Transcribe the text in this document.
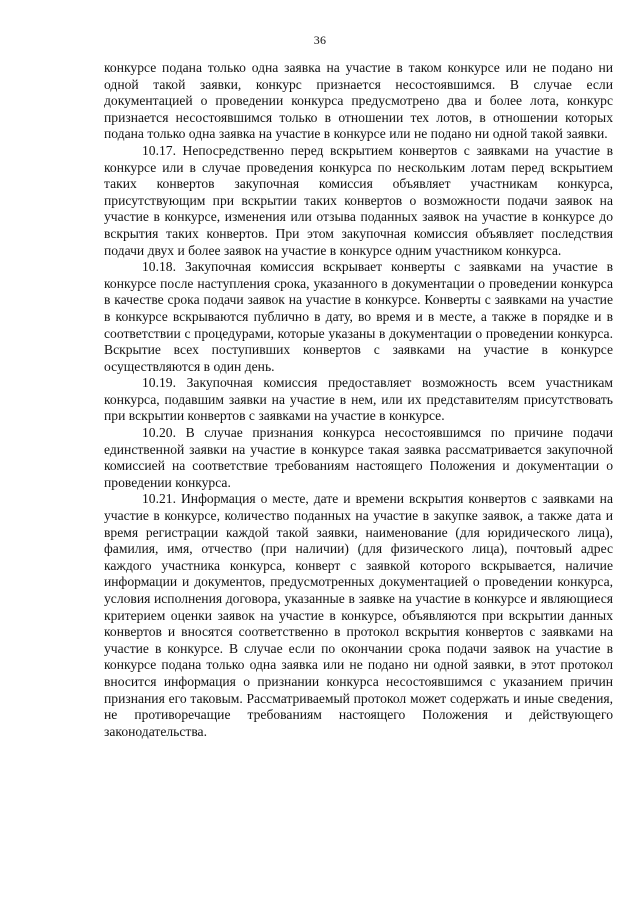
36

конкурсе подана только одна заявка на участие в таком конкурсе или не подано ни одной такой заявки, конкурс признается несостоявшимся. В случае если документацией о проведении конкурса предусмотрено два и более лота, конкурс признается несостоявшимся только в отношении тех лотов, в отношении которых подана только одна заявка на участие в конкурсе или не подано ни одной такой заявки.

10.17. Непосредственно перед вскрытием конвертов с заявками на участие в конкурсе или в случае проведения конкурса по нескольким лотам перед вскрытием таких конвертов закупочная комиссия объявляет участникам конкурса, присутствующим при вскрытии таких конвертов о возможности подачи заявок на участие в конкурсе, изменения или отзыва поданных заявок на участие в конкурсе до вскрытия таких конвертов. При этом закупочная комиссия объявляет последствия подачи двух и более заявок на участие в конкурсе одним участником конкурса.

10.18. Закупочная комиссия вскрывает конверты с заявками на участие в конкурсе после наступления срока, указанного в документации о проведении конкурса в качестве срока подачи заявок на участие в конкурсе. Конверты с заявками на участие в конкурсе вскрываются публично в дату, во время и в месте, а также в порядке и в соответствии с процедурами, которые указаны в документации о проведении конкурса. Вскрытие всех поступивших конвертов с заявками на участие в конкурсе осуществляются в один день.

10.19. Закупочная комиссия предоставляет возможность всем участникам конкурса, подавшим заявки на участие в нем, или их представителям присутствовать при вскрытии конвертов с заявками на участие в конкурсе.

10.20. В случае признания конкурса несостоявшимся по причине подачи единственной заявки на участие в конкурсе такая заявка рассматривается закупочной комиссией на соответствие требованиям настоящего Положения и документации о проведении конкурса.

10.21. Информация о месте, дате и времени вскрытия конвертов с заявками на участие в конкурсе, количество поданных на участие в закупке заявок, а также дата и время регистрации каждой такой заявки, наименование (для юридического лица), фамилия, имя, отчество (при наличии) (для физического лица), почтовый адрес каждого участника конкурса, конверт с заявкой которого вскрывается, наличие информации и документов, предусмотренных документацией о проведении конкурса, условия исполнения договора, указанные в заявке на участие в конкурсе и являющиеся критерием оценки заявок на участие в конкурсе, объявляются при вскрытии данных конвертов и вносятся соответственно в протокол вскрытия конвертов с заявками на участие в конкурсе. В случае если по окончании срока подачи заявок на участие в конкурсе подана только одна заявка или не подано ни одной заявки, в этот протокол вносится информация о признании конкурса несостоявшимся с указанием причин признания его таковым. Рассматриваемый протокол может содержать и иные сведения, не противоречащие требованиям настоящего Положения и действующего законодательства.
